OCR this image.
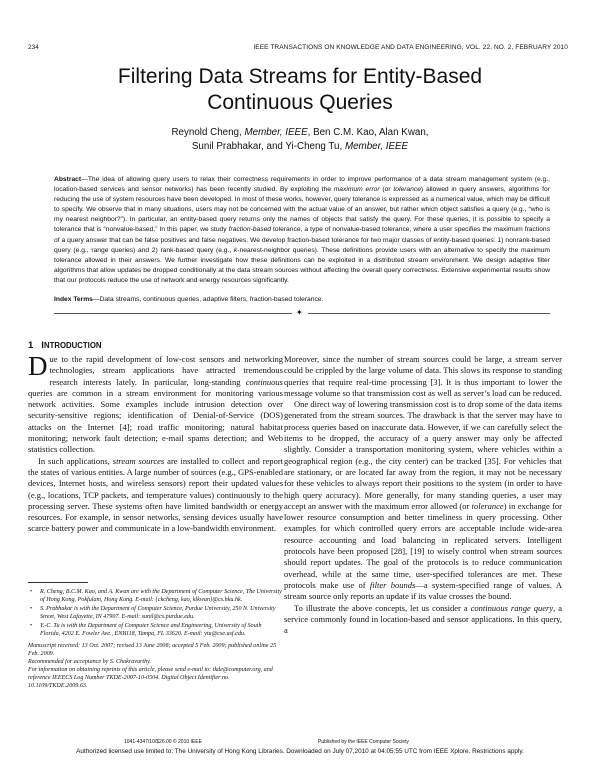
234	IEEE TRANSACTIONS ON KNOWLEDGE AND DATA ENGINEERING, VOL. 22, NO. 2, FEBRUARY 2010
Filtering Data Streams for Entity-Based
Continuous Queries
Reynold Cheng, Member, IEEE, Ben C.M. Kao, Alan Kwan,
Sunil Prabhakar, and Yi-Cheng Tu, Member, IEEE
Abstract—The idea of allowing query users to relax their correctness requirements in order to improve performance of a data stream management system (e.g., location-based services and sensor networks) has been recently studied. By exploiting the maximum error (or tolerance) allowed in query answers, algorithms for reducing the use of system resources have been developed. In most of these works, however, query tolerance is expressed as a numerical value, which may be difficult to specify. We observe that in many situations, users may not be concerned with the actual value of an answer, but rather which object satisfies a query (e.g., “who is my nearest neighbor?”). In particular, an entity-based query returns only the names of objects that satisfy the query. For these queries, it is possible to specify a tolerance that is “nonvalue-based.” In this paper, we study fraction-based tolerance, a type of nonvalue-based tolerance, where a user specifies the maximum fractions of a query answer that can be false positives and false negatives. We develop fraction-based tolerance for two major classes of entity-based queries: 1) nonrank-based query (e.g., range queries) and 2) rank-based query (e.g., k-nearest-neighbor queries). These definitions provide users with an alternative to specify the maximum tolerance allowed in their answers. We further investigate how these definitions can be exploited in a distributed stream environment. We design adaptive filter algorithms that allow updates be dropped conditionally at the data stream sources without affecting the overall query correctness. Extensive experimental results show that our protocols reduce the use of network and energy resources significantly.
Index Terms—Data streams, continuous queries, adaptive filters, fraction-based tolerance.
✦
1 INTRODUCTION

Due to the rapid development of low-cost sensors and networking technologies, stream applications have attracted tremendous research interests lately. In particular, long-standing continuous queries are common in a stream environment for monitoring various network activities. Some examples include intrusion detection over security-sensitive regions; identification of Denial-of-Service (DOS) attacks on the Internet [4]; road traffic monitoring; natural habitat monitoring; network fault detection; e-mail spams detection; and Web statistics collection.

In such applications, stream sources are installed to collect and report the states of various entities. A large number of sources (e.g., GPS-enabled devices, Internet hosts, and wireless sensors) report their updated values (e.g., locations, TCP packets, and temperature values) continuously to the processing server. These systems often have limited bandwidth or energy resources. For example, in sensor networks, sensing devices usually have scarce battery power and communicate in a low-bandwidth environment.

• R. Cheng, B.C.M. Kao, and A. Kwan are with the Department of Computer Science, The University of Hong Kong, Pokfulam, Hong Kong. E-mail: {ckcheng, kao, klkwan}@cs.hku.hk.
• S. Prabhakar is with the Department of Computer Science, Purdue University, 250 N. University Street, West Lafayette, IN 47907. E-mail: sunil@cs.purdue.edu.
• Y.-C. Tu is with the Department of Computer Science and Engineering, University of South Florida, 4202 E. Fowler Ave., ENB118, Tampa, FL 33620. E-mail: ytu@cse.usf.edu.

Manuscript received: 13 Oct. 2007; revised 13 June 2008; accepted 5 Feb. 2009; published online 25 Feb. 2009.

Recommended for acceptance by S. Chakravarthy.

For information on obtaining reprints of this article, please send e-mail to: tkde@computer.org, and reference IEEECS Log Number TKDE-2007-10-0504. Digital Object Identifier no. 10.1109/TKDE.2009.63.

Moreover, since the number of stream sources could be large, a stream server could be crippled by the large volume of data. This slows its response to standing queries that require real-time processing [3]. It is thus important to lower the message volume so that transmission cost as well as server’s load can be reduced.

One direct way of lowering transmission cost is to drop some of the data items generated from the stream sources. The drawback is that the server may have to process queries based on inaccurate data. However, if we can carefully select the items to be dropped, the accuracy of a query answer may only be affected slightly. Consider a transportation monitoring system, where vehicles within a geographical region (e.g., the city center) can be tracked [35]. For vehicles that are stationary, or are located far away from the region, it may not be necessary for these vehicles to always report their positions to the system (in order to have high query accuracy). More generally, for many standing queries, a user may accept an answer with the maximum error allowed (or tolerance) in exchange for lower resource consumption and better timeliness in query processing. Other examples for which controlled query errors are acceptable include wide-area resource accounting and load balancing in replicated servers. Intelligent protocols have been proposed [28], [19] to wisely control when stream sources should report updates. The goal of the protocols is to reduce communication overhead, while at the same time, user-specified tolerances are met. These protocols make use of filter bounds—a system-specified range of values. A stream source only reports an update if its value crosses the bound.

To illustrate the above concepts, let us consider a continuous range query, a service commonly found in location-based and sensor applications. In this query, a

1041-4347/10/$26.00 © 2010 IEEE	Published by the IEEE Computer Society
Authorized licensed use limited to: The University of Hong Kong Libraries. Downloaded on July 07,2010 at 04:05:55 UTC from IEEE Xplore. Restrictions apply.
